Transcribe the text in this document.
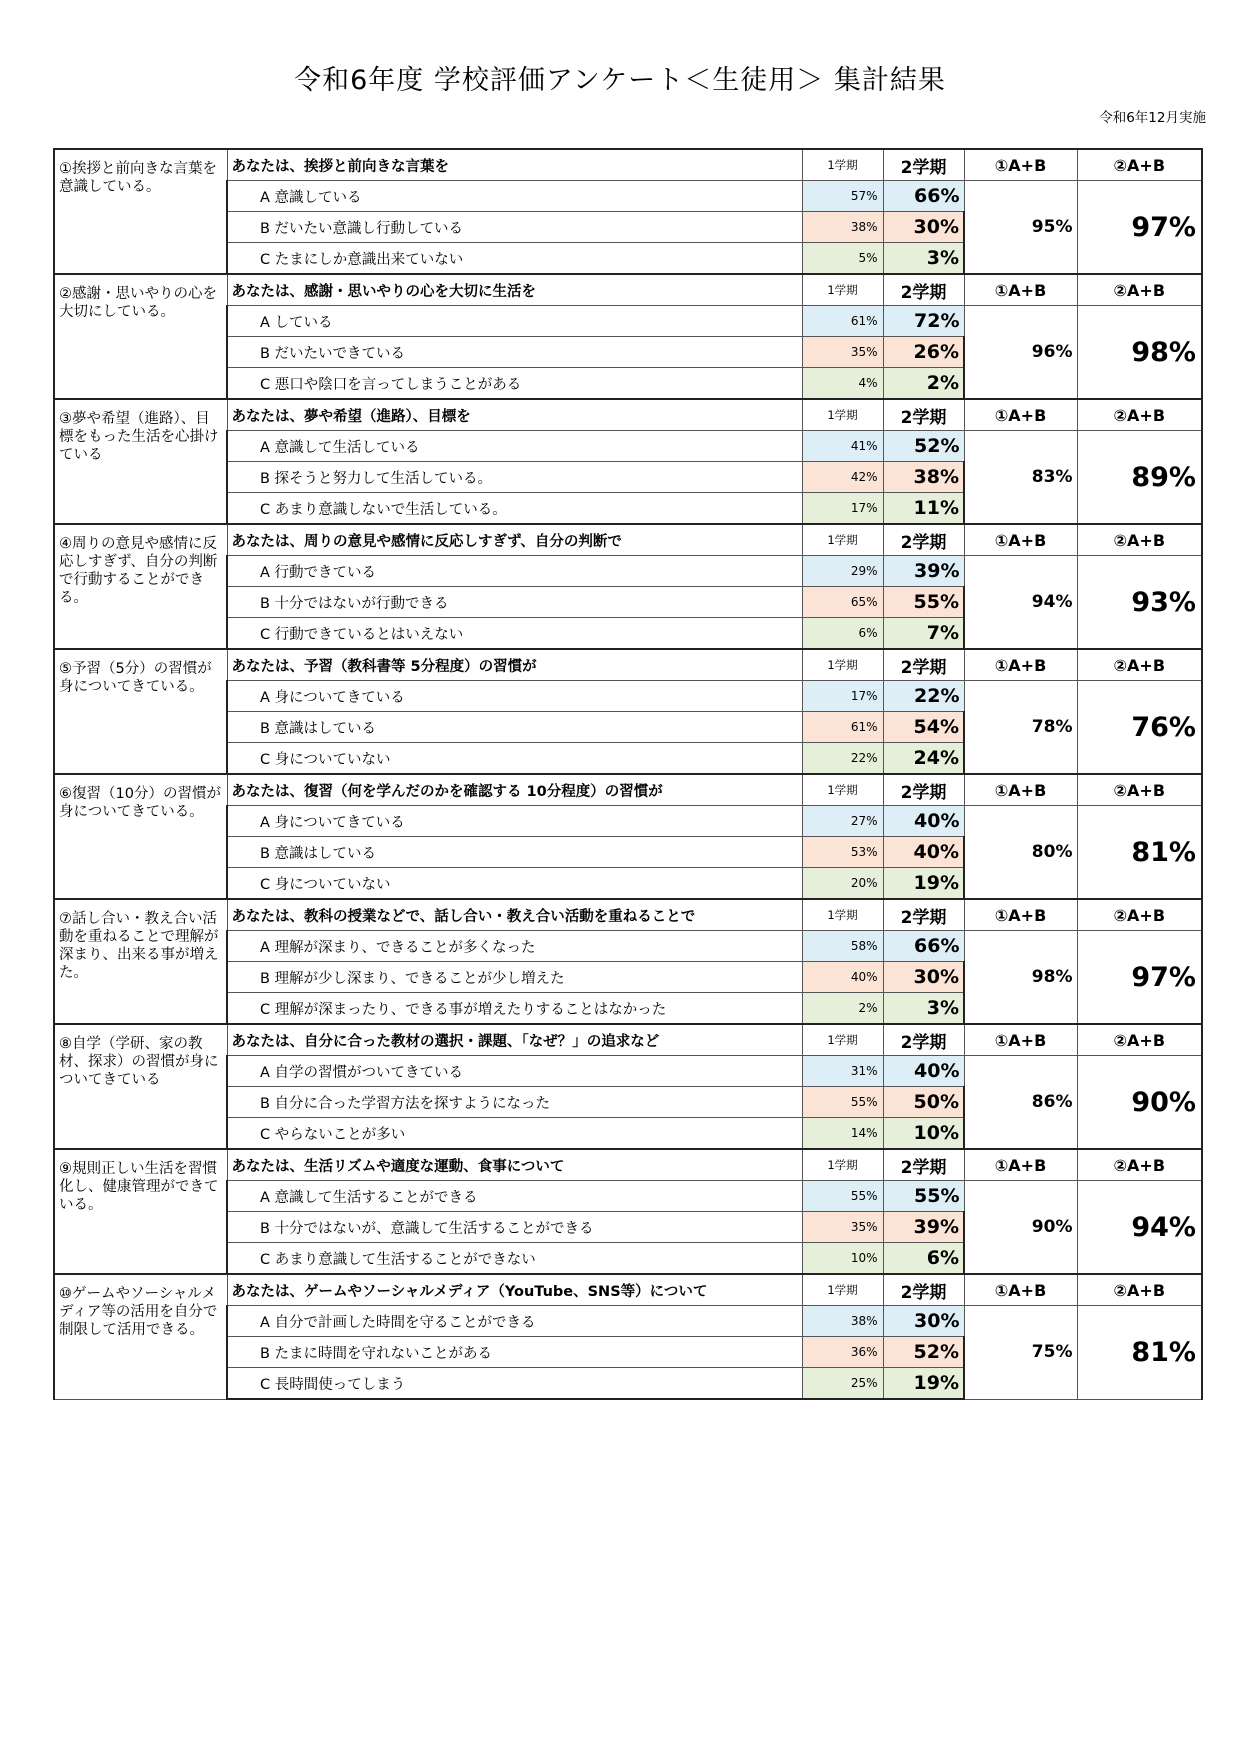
令和6年度 学校評価アンケート＜生徒用＞ 集計結果
令和6年12月実施
①挨拶と前向きな言葉を意識している。	あなたは、挨拶と前向きな言葉を	1学期	2学期	①A+B	②A+B
	A 意識している	57%	66%	95%	97%
	B だいたい意識し行動している	38%	30%		
	C たまにしか意識出来ていない	5%	3%		
②感謝・思いやりの心を大切にしている。	あなたは、感謝・思いやりの心を大切に生活を	1学期	2学期	①A+B	②A+B
	A している	61%	72%	96%	98%
	B だいたいできている	35%	26%		
	C 悪口や陰口を言ってしまうことがある	4%	2%		
③夢や希望（進路）、目標をもった生活を心掛けている	あなたは、夢や希望（進路）、目標を	1学期	2学期	①A+B	②A+B
	A 意識して生活している	41%	52%	83%	89%
	B 探そうと努力して生活している。	42%	38%		
	C あまり意識しないで生活している。	17%	11%		
④周りの意見や感情に反応しすぎず、自分の判断で行動することができる。	あなたは、周りの意見や感情に反応しすぎず、自分の判断で	1学期	2学期	①A+B	②A+B
	A 行動できている	29%	39%	94%	93%
	B 十分ではないが行動できる	65%	55%		
	C 行動できているとはいえない	6%	7%		
⑤予習（5分）の習慣が身についてきている。	あなたは、予習（教科書等 5分程度）の習慣が	1学期	2学期	①A+B	②A+B
	A 身についてきている	17%	22%	78%	76%
	B 意識はしている	61%	54%		
	C 身についていない	22%	24%		
⑥復習（10分）の習慣が身についてきている。	あなたは、復習（何を学んだのかを確認する 10分程度）の習慣が	1学期	2学期	①A+B	②A+B
	A 身についてきている	27%	40%	80%	81%
	B 意識はしている	53%	40%		
	C 身についていない	20%	19%		
⑦話し合い・教え合い活動を重ねることで理解が深まり、出来る事が増えた。	あなたは、教科の授業などで、話し合い・教え合い活動を重ねることで	1学期	2学期	①A+B	②A+B
	A 理解が深まり、できることが多くなった	58%	66%	98%	97%
	B 理解が少し深まり、できることが少し増えた	40%	30%		
	C 理解が深まったり、できる事が増えたりすることはなかった	2%	3%		
⑧自学（学研、家の教材、探求）の習慣が身についてきている	あなたは、自分に合った教材の選択・課題、「なぜ？」の追求など	1学期	2学期	①A+B	②A+B
	A 自学の習慣がついてきている	31%	40%	86%	90%
	B 自分に合った学習方法を探すようになった	55%	50%		
	C やらないことが多い	14%	10%		
⑨規則正しい生活を習慣化し、健康管理ができている。	あなたは、生活リズムや適度な運動、食事について	1学期	2学期	①A+B	②A+B
	A 意識して生活することができる	55%	55%	90%	94%
	B 十分ではないが、意識して生活することができる	35%	39%		
	C あまり意識して生活することができない	10%	6%		
⑩ゲームやソーシャルメディア等の活用を自分で制限して活用できる。	あなたは、ゲームやソーシャルメディア（YouTube、SNS等）について	1学期	2学期	①A+B	②A+B
	A 自分で計画した時間を守ることができる	38%	30%	75%	81%
	B たまに時間を守れないことがある	36%	52%		
	C 長時間使ってしまう	25%	19%		
